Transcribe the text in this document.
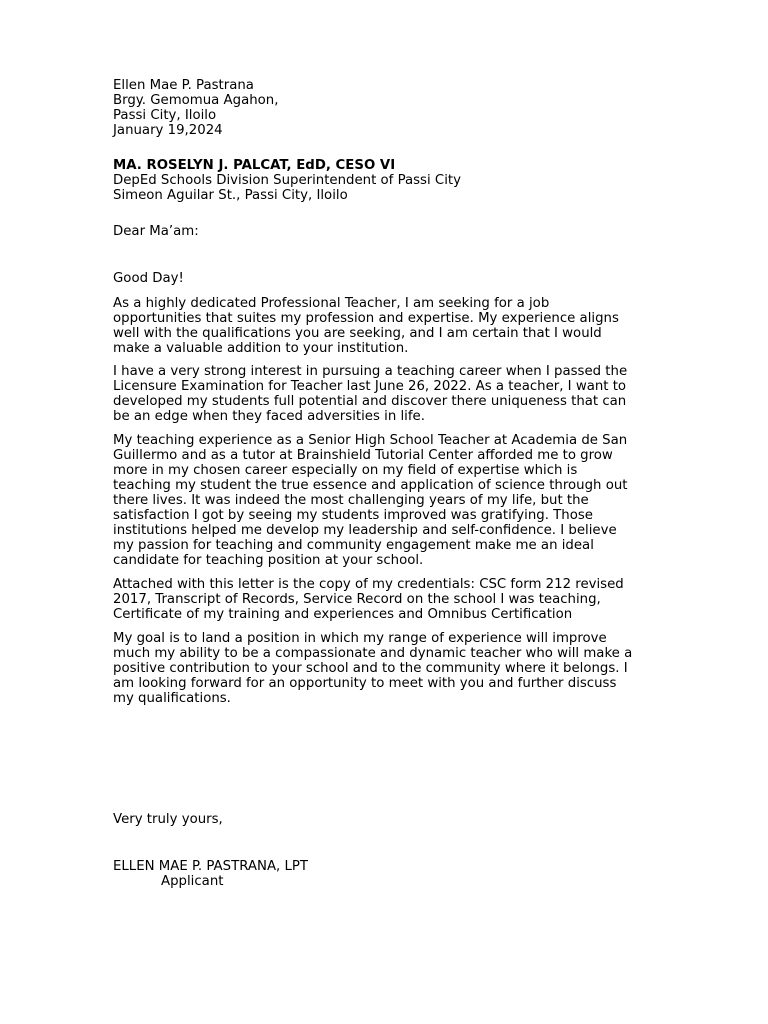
Ellen Mae P. Pastrana
Brgy. Gemomua Agahon,
Passi City, Iloilo
January 19,2024
MA. ROSELYN J. PALCAT, EdD, CESO VI
DepEd Schools Division Superintendent of Passi City
Simeon Aguilar St., Passi City, Iloilo
Dear Ma’am:
Good Day!
As a highly dedicated Professional Teacher, I am seeking for a job
opportunities that suites my profession and expertise. My experience aligns
well with the qualifications you are seeking, and I am certain that I would
make a valuable addition to your institution.
I have a very strong interest in pursuing a teaching career when I passed the
Licensure Examination for Teacher last June 26, 2022. As a teacher, I want to
developed my students full potential and discover there uniqueness that can
be an edge when they faced adversities in life.
My teaching experience as a Senior High School Teacher at Academia de San
Guillermo and as a tutor at Brainshield Tutorial Center afforded me to grow
more in my chosen career especially on my field of expertise which is
teaching my student the true essence and application of science through out
there lives. It was indeed the most challenging years of my life, but the
satisfaction I got by seeing my students improved was gratifying. Those
institutions helped me develop my leadership and self-confidence. I believe
my passion for teaching and community engagement make me an ideal
candidate for teaching position at your school.
Attached with this letter is the copy of my credentials: CSC form 212 revised
2017, Transcript of Records, Service Record on the school I was teaching,
Certificate of my training and experiences and Omnibus Certification
My goal is to land a position in which my range of experience will improve
much my ability to be a compassionate and dynamic teacher who will make a
positive contribution to your school and to the community where it belongs. I
am looking forward for an opportunity to meet with you and further discuss
my qualifications.
Very truly yours,
ELLEN MAE P. PASTRANA, LPT
Applicant
